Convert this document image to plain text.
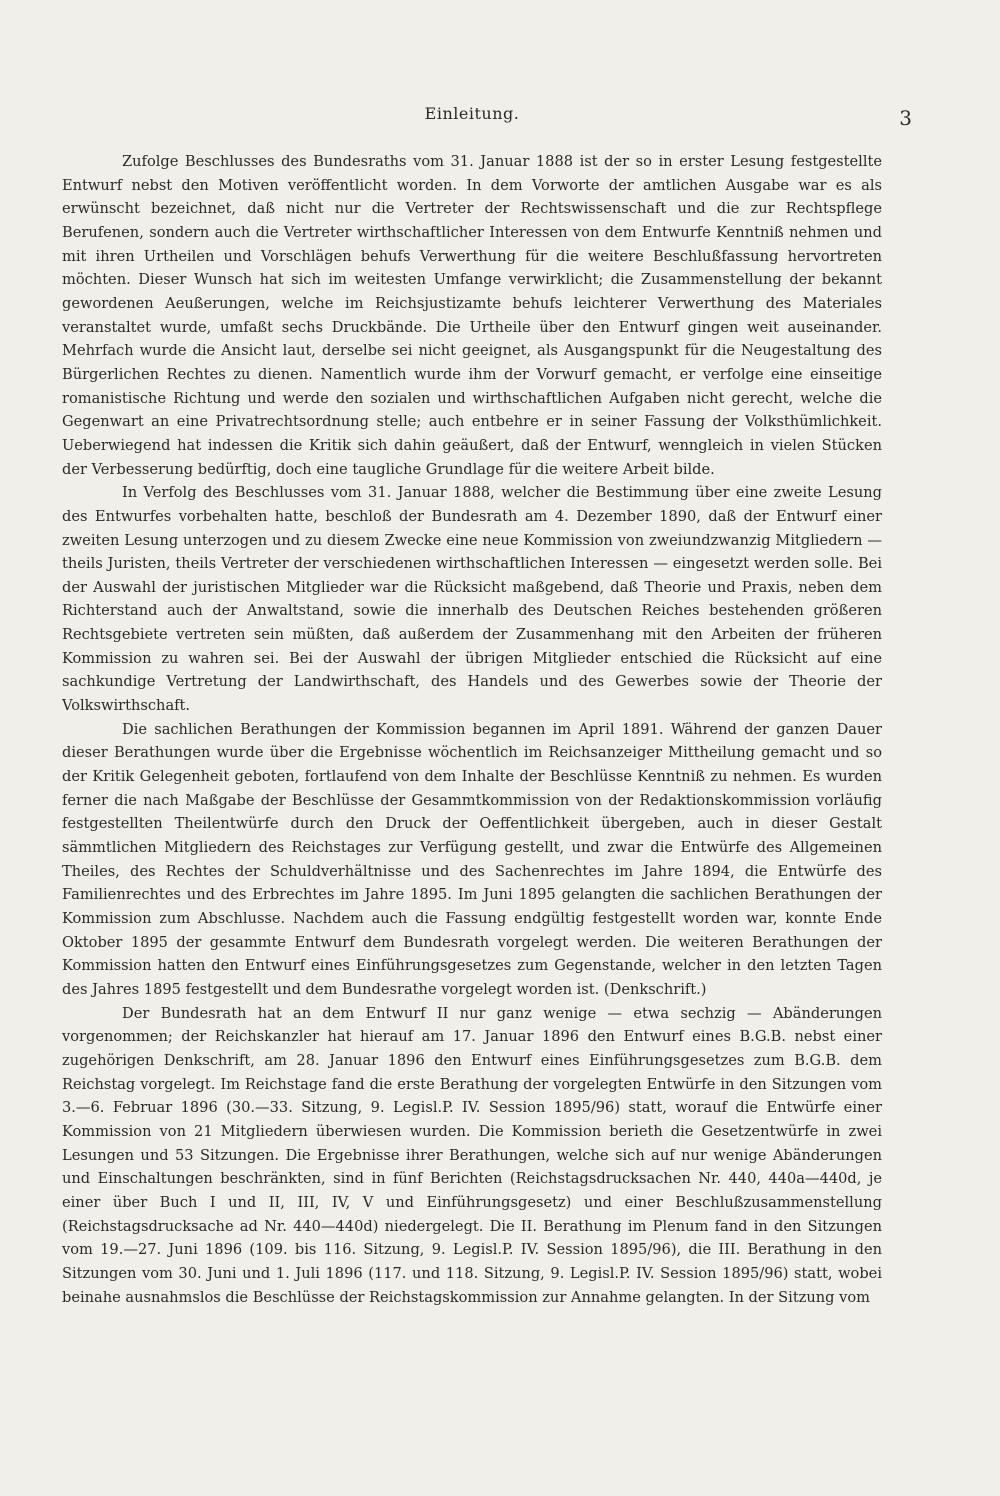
Einleitung.	3

Zufolge Beschlusses des Bundesraths vom 31. Januar 1888 ist der so in erster Lesung festgestellte Entwurf nebst den Motiven veröffentlicht worden. In dem Vorworte der amtlichen Ausgabe war es als erwünscht bezeichnet, daß nicht nur die Vertreter der Rechtswissenschaft und die zur Rechtspflege Berufenen, sondern auch die Vertreter wirthschaftlicher Interessen von dem Entwurfe Kenntniß nehmen und mit ihren Urtheilen und Vorschlägen behufs Verwerthung für die weitere Beschlußfassung hervortreten möchten. Dieser Wunsch hat sich im weitesten Umfange verwirklicht; die Zusammenstellung der bekannt gewordenen Aeußerungen, welche im Reichsjustizamte behufs leichterer Verwerthung des Materiales veranstaltet wurde, umfaßt sechs Druckbände. Die Urtheile über den Entwurf gingen weit auseinander. Mehrfach wurde die Ansicht laut, derselbe sei nicht geeignet, als Ausgangspunkt für die Neugestaltung des Bürgerlichen Rechtes zu dienen. Namentlich wurde ihm der Vorwurf gemacht, er verfolge eine einseitige romanistische Richtung und werde den sozialen und wirthschaftlichen Aufgaben nicht gerecht, welche die Gegenwart an eine Privatrechtsordnung stelle; auch entbehre er in seiner Fassung der Volksthümlichkeit. Ueberwiegend hat indessen die Kritik sich dahin geäußert, daß der Entwurf, wenngleich in vielen Stücken der Verbesserung bedürftig, doch eine taugliche Grundlage für die weitere Arbeit bilde.

In Verfolg des Beschlusses vom 31. Januar 1888, welcher die Bestimmung über eine zweite Lesung des Entwurfes vorbehalten hatte, beschloß der Bundesrath am 4. Dezember 1890, daß der Entwurf einer zweiten Lesung unterzogen und zu diesem Zwecke eine neue Kommission von zweiundzwanzig Mitgliedern — theils Juristen, theils Vertreter der verschiedenen wirthschaftlichen Interessen — eingesetzt werden solle. Bei der Auswahl der juristischen Mitglieder war die Rücksicht maßgebend, daß Theorie und Praxis, neben dem Richterstand auch der Anwaltstand, sowie die innerhalb des Deutschen Reiches bestehenden größeren Rechtsgebiete vertreten sein müßten, daß außerdem der Zusammenhang mit den Arbeiten der früheren Kommission zu wahren sei. Bei der Auswahl der übrigen Mitglieder entschied die Rücksicht auf eine sachkundige Vertretung der Landwirthschaft, des Handels und des Gewerbes sowie der Theorie der Volkswirthschaft.

Die sachlichen Berathungen der Kommission begannen im April 1891. Während der ganzen Dauer dieser Berathungen wurde über die Ergebnisse wöchentlich im Reichsanzeiger Mittheilung gemacht und so der Kritik Gelegenheit geboten, fortlaufend von dem Inhalte der Beschlüsse Kenntniß zu nehmen. Es wurden ferner die nach Maßgabe der Beschlüsse der Gesammtkommission von der Redaktionskommission vorläufig festgestellten Theilentwürfe durch den Druck der Oeffentlichkeit übergeben, auch in dieser Gestalt sämmtlichen Mitgliedern des Reichstages zur Verfügung gestellt, und zwar die Entwürfe des Allgemeinen Theiles, des Rechtes der Schuldverhältnisse und des Sachenrechtes im Jahre 1894, die Entwürfe des Familienrechtes und des Erbrechtes im Jahre 1895. Im Juni 1895 gelangten die sachlichen Berathungen der Kommission zum Abschlusse. Nachdem auch die Fassung endgültig festgestellt worden war, konnte Ende Oktober 1895 der gesammte Entwurf dem Bundesrath vorgelegt werden. Die weiteren Berathungen der Kommission hatten den Entwurf eines Einführungsgesetzes zum Gegenstande, welcher in den letzten Tagen des Jahres 1895 festgestellt und dem Bundesrathe vorgelegt worden ist. (Denkschrift.)

Der Bundesrath hat an dem Entwurf II nur ganz wenige — etwa sechzig — Abänderungen vorgenommen; der Reichskanzler hat hierauf am 17. Januar 1896 den Entwurf eines B.G.B. nebst einer zugehörigen Denkschrift, am 28. Januar 1896 den Entwurf eines Einführungsgesetzes zum B.G.B. dem Reichstag vorgelegt. Im Reichstage fand die erste Berathung der vorgelegten Entwürfe in den Sitzungen vom 3.—6. Februar 1896 (30.—33. Sitzung, 9. Legisl.P. IV. Session 1895/96) statt, worauf die Entwürfe einer Kommission von 21 Mitgliedern überwiesen wurden. Die Kommission berieth die Gesetzentwürfe in zwei Lesungen und 53 Sitzungen. Die Ergebnisse ihrer Berathungen, welche sich auf nur wenige Abänderungen und Einschaltungen beschränkten, sind in fünf Berichten (Reichstagsdrucksachen Nr. 440, 440a—440d, je einer über Buch I und II, III, IV, V und Einführungsgesetz) und einer Beschlußzusammenstellung (Reichstagsdrucksache ad Nr. 440—440d) niedergelegt. Die II. Berathung im Plenum fand in den Sitzungen vom 19.—27. Juni 1896 (109. bis 116. Sitzung, 9. Legisl.P. IV. Session 1895/96), die III. Berathung in den Sitzungen vom 30. Juni und 1. Juli 1896 (117. und 118. Sitzung, 9. Legisl.P. IV. Session 1895/96) statt, wobei beinahe ausnahmslos die Beschlüsse der Reichstagskommission zur Annahme gelangten. In der Sitzung vom
